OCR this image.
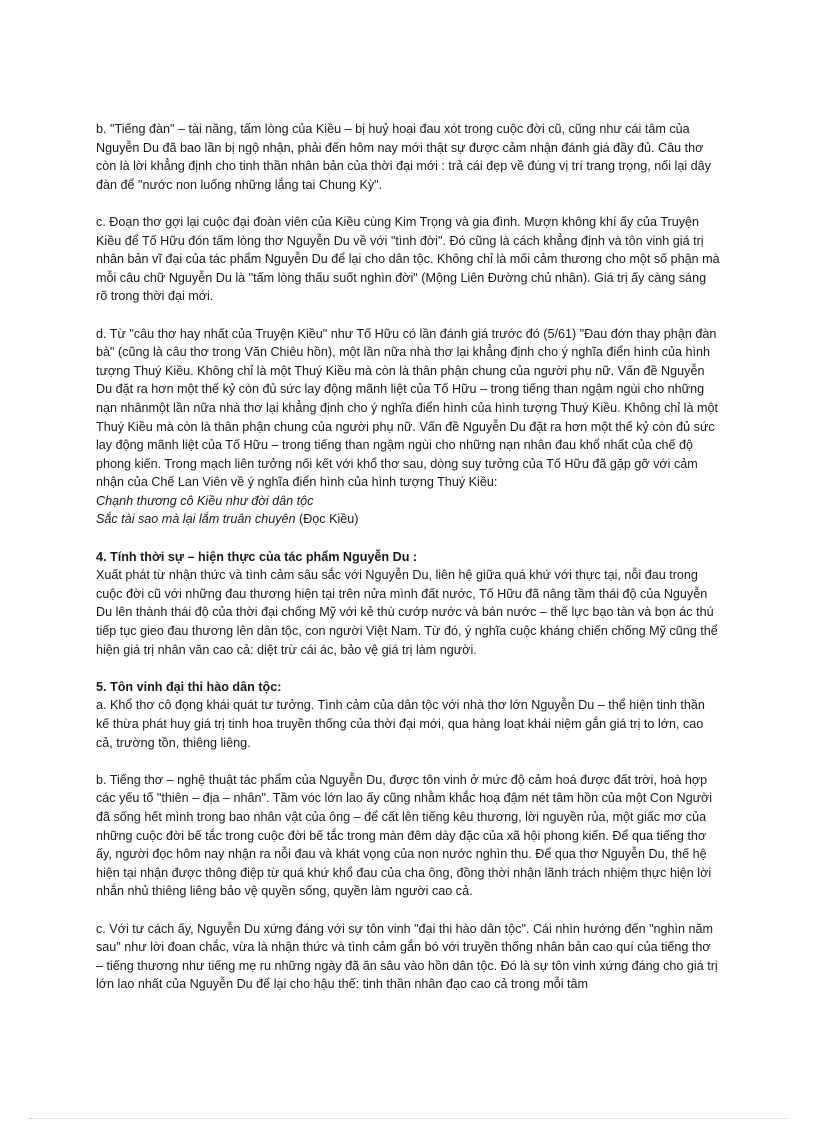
b. "Tiếng đàn" – tài năng, tấm lòng của Kiều – bị huỷ hoại đau xót trong cuộc đời cũ, cũng như cái tâm của Nguyễn Du đã bao lần bị ngộ nhận, phải đến hôm nay mới thật sự được cảm nhận đánh giá đầy đủ. Câu thơ còn là lời khẳng định cho tinh thần nhân bản của thời đại mới : trả cái đẹp về đúng vị trí trang trọng, nối lại dây đàn để "nước non luống những lắng tai Chung Kỳ".

c. Đoạn thơ gợi lại cuộc đại đoàn viên của Kiều cùng Kim Trọng và gia đình. Mượn không khí ấy của Truyện Kiều để Tố Hữu đón tấm lòng thơ Nguyễn Du về với "tình đời". Đó cũng là cách khẳng định và tôn vinh giá trị nhân bản vĩ đại của tác phẩm Nguyễn Du để lại cho dân tộc. Không chỉ là mối cảm thương cho một số phận mà mỗi câu chữ Nguyễn Du là "tấm lòng thấu suốt nghìn đời" (Mộng Liên Đường chủ nhân). Giá trị ấy càng sáng rõ trong thời đại mới.

d. Từ "câu thơ hay nhất của Truyện Kiều" như Tố Hữu có lần đánh giá trước đó (5/61) "Đau đớn thay phận đàn bà" (cũng là câu thơ trong Văn Chiêu hồn), một lần nữa nhà thơ lại khẳng định cho ý nghĩa điển hình của hình tượng Thuý Kiều. Không chỉ là một Thuý Kiều mà còn là thân phận chung của người phụ nữ. Vấn đề Nguyễn Du đặt ra hơn một thế kỷ còn đủ sức lay động mãnh liệt của Tố Hữu – trong tiếng than ngậm ngùi cho những nạn nhânmột lần nữa nhà thơ lại khẳng định cho ý nghĩa điển hình của hình tượng Thuý Kiều. Không chỉ là một Thuý Kiều mà còn là thân phận chung của người phụ nữ. Vấn đề Nguyễn Du đặt ra hơn một thế kỷ còn đủ sức lay động mãnh liệt của Tố Hữu – trong tiếng than ngậm ngùi cho những nạn nhân đau khổ nhất của chế độ phong kiến. Trong mạch liên tưởng nối kết với khổ thơ sau, dòng suy tưởng của Tố Hữu đã gặp gỡ với cảm nhận của Chế Lan Viên về ý nghĩa điển hình của hình tượng Thuý Kiều:
Chạnh thương cô Kiều như đời dân tộc
Sắc tài sao mà lại lắm truân chuyên (Đọc Kiều)

4. Tính thời sự – hiện thực của tác phẩm Nguyễn Du :

Xuất phát từ nhận thức và tình cảm sâu sắc với Nguyễn Du, liên hệ giữa quá khứ với thực tại, nỗi đau trong cuộc đời cũ với những đau thương hiện tại trên nửa mình đất nước, Tố Hữu đã nâng tầm thái độ của Nguyễn Du lên thành thái độ của thời đại chống Mỹ với kẻ thù cướp nước và bán nước – thế lực bạo tàn và bọn ác thú tiếp tục gieo đau thương lên dân tộc, con người Việt Nam. Từ đó, ý nghĩa cuộc kháng chiến chống Mỹ cũng thể hiện giá trị nhân văn cao cả: diệt trừ cái ác, bảo vệ giá trị làm người.

5. Tôn vinh đại thi hào dân tộc:

a. Khổ thơ cô đọng khái quát tư tưởng. Tình cảm của dân tộc với nhà thơ lớn Nguyễn Du – thể hiện tinh thần kế thừa phát huy giá trị tinh hoa truyền thống của thời đại mới, qua hàng loạt khái niệm gắn giá trị to lớn, cao cả, trường tồn, thiêng liêng.

b. Tiếng thơ – nghệ thuật tác phẩm của Nguyễn Du, được tôn vinh ở mức độ cảm hoá được đất trời, hoà hợp các yếu tố "thiên – địa – nhân". Tầm vóc lớn lao ấy cũng nhằm khắc hoạ đậm nét tâm hồn của một Con Người đã sống hết mình trong bao nhân vật của ông – để cất lên tiếng kêu thương, lời nguyền rủa, một giấc mơ của những cuộc đời bế tắc trong cuộc đời bế tắc trong màn đêm dày đặc của xã hội phong kiến. Để qua tiếng thơ ấy, người đọc hôm nay nhận ra nỗi đau và khát vọng của non nước nghìn thu. Để qua thơ Nguyễn Du, thế hệ hiện tại nhận được thông điệp từ quá khứ khổ đau của cha ông, đồng thời nhận lãnh trách nhiệm thực hiện lời nhắn nhủ thiêng liêng bảo vệ quyền sống, quyền làm người cao cả.

c. Với tư cách ấy, Nguyễn Du xứng đáng với sự tôn vinh "đại thi hào dân tộc". Cái nhìn hướng đến "nghìn năm sau" như lời đoan chắc, vừa là nhận thức và tình cảm gắn bó với truyền thống nhân bản cao quí của tiếng thơ – tiếng thương như tiếng mẹ ru những ngày đã ăn sâu vào hồn dân tộc. Đó là sự tôn vinh xứng đáng cho giá trị lớn lao nhất của Nguyễn Du để lại cho hậu thế: tinh thần nhân đạo cao cả trong mỗi tâm
